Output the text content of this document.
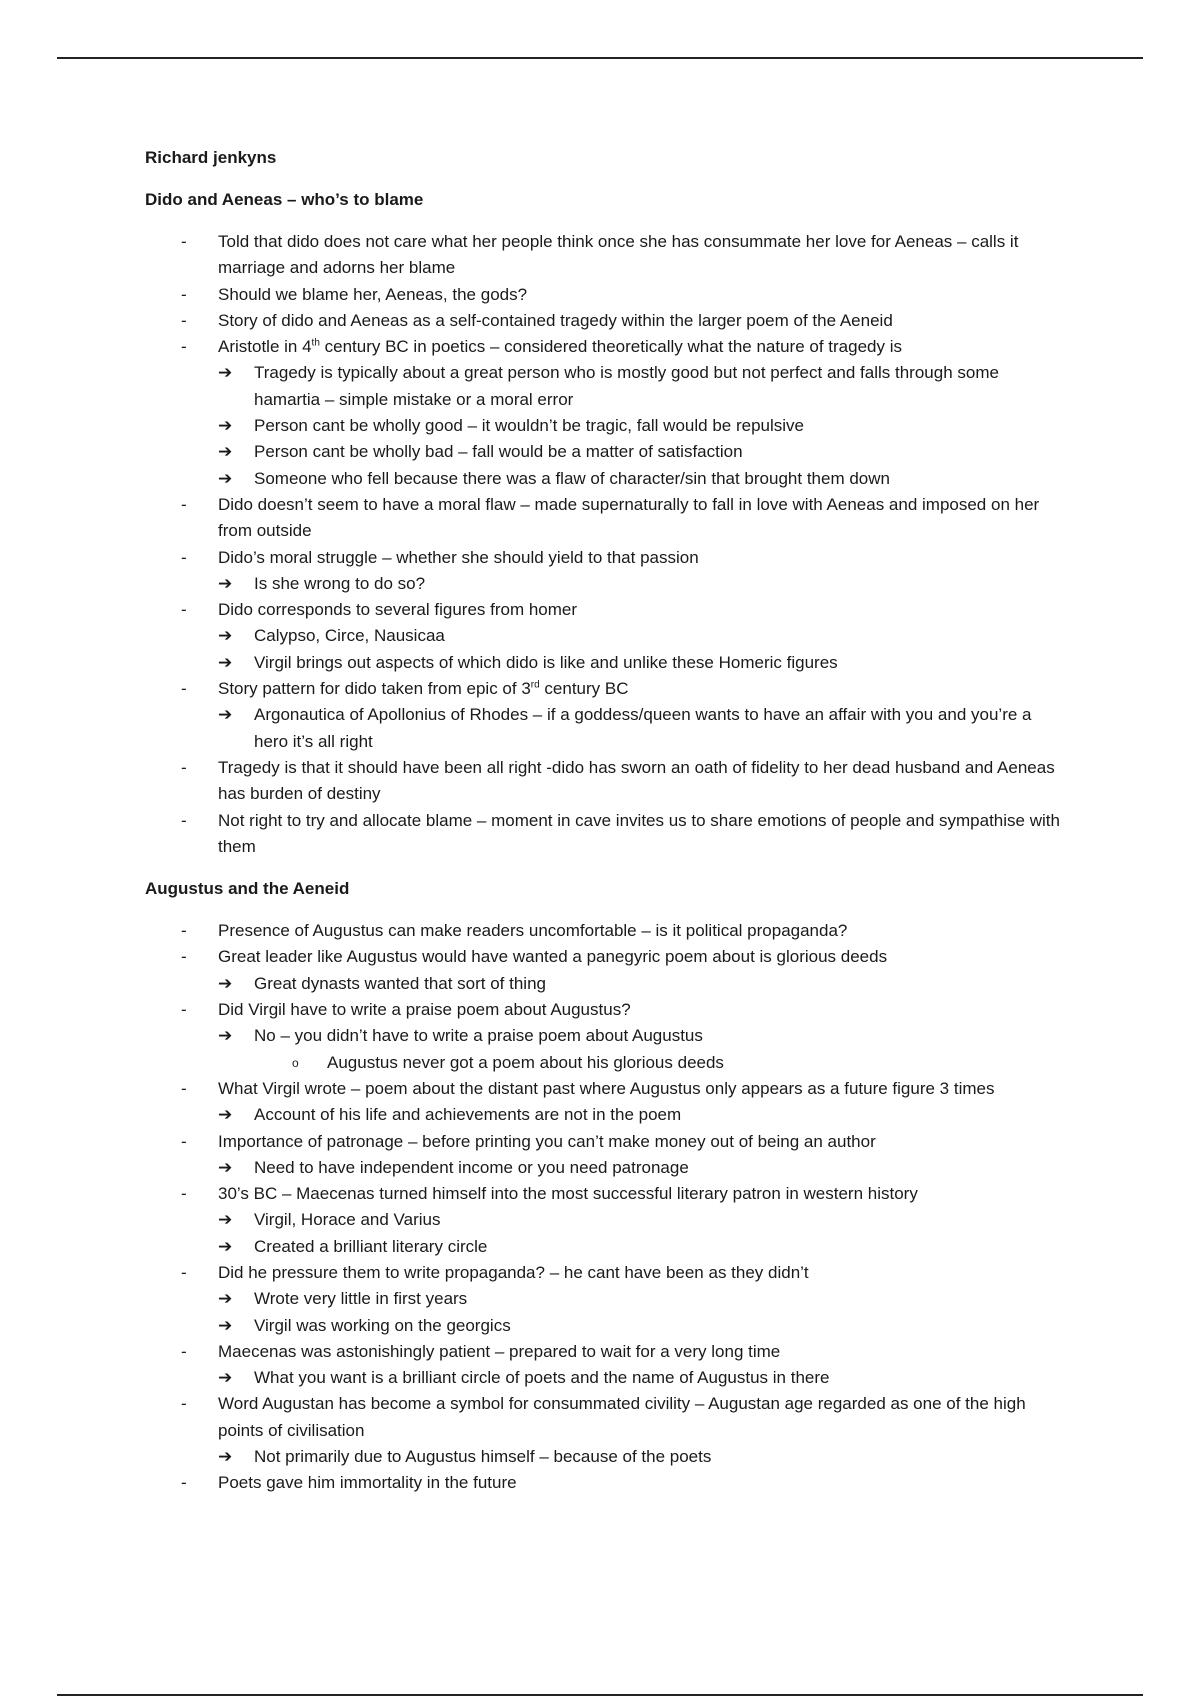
Richard jenkyns

Dido and Aeneas – who’s to blame

- Told that dido does not care what her people think once she has consummate her love for Aeneas – calls it marriage and adorns her blame
- Should we blame her, Aeneas, the gods?
- Story of dido and Aeneas as a self-contained tragedy within the larger poem of the Aeneid
- Aristotle in 4th century BC in poetics – considered theoretically what the nature of tragedy is
➔ Tragedy is typically about a great person who is mostly good but not perfect and falls through some hamartia – simple mistake or a moral error
➔ Person cant be wholly good – it wouldn’t be tragic, fall would be repulsive
➔ Person cant be wholly bad – fall would be a matter of satisfaction
➔ Someone who fell because there was a flaw of character/sin that brought them down
- Dido doesn’t seem to have a moral flaw – made supernaturally to fall in love with Aeneas and imposed on her from outside
- Dido’s moral struggle – whether she should yield to that passion
➔ Is she wrong to do so?
- Dido corresponds to several figures from homer
➔ Calypso, Circe, Nausicaa
➔ Virgil brings out aspects of which dido is like and unlike these Homeric figures
- Story pattern for dido taken from epic of 3rd century BC
➔ Argonautica of Apollonius of Rhodes – if a goddess/queen wants to have an affair with you and you’re a hero it’s all right
- Tragedy is that it should have been all right -dido has sworn an oath of fidelity to her dead husband and Aeneas has burden of destiny
- Not right to try and allocate blame – moment in cave invites us to share emotions of people and sympathise with them

Augustus and the Aeneid

- Presence of Augustus can make readers uncomfortable – is it political propaganda?
- Great leader like Augustus would have wanted a panegyric poem about is glorious deeds
➔ Great dynasts wanted that sort of thing
- Did Virgil have to write a praise poem about Augustus?
➔ No – you didn’t have to write a praise poem about Augustus
o Augustus never got a poem about his glorious deeds
- What Virgil wrote – poem about the distant past where Augustus only appears as a future figure 3 times
➔ Account of his life and achievements are not in the poem
- Importance of patronage – before printing you can’t make money out of being an author
➔ Need to have independent income or you need patronage
- 30’s BC – Maecenas turned himself into the most successful literary patron in western history
➔ Virgil, Horace and Varius
➔ Created a brilliant literary circle
- Did he pressure them to write propaganda? – he cant have been as they didn’t
➔ Wrote very little in first years
➔ Virgil was working on the georgics
- Maecenas was astonishingly patient – prepared to wait for a very long time
➔ What you want is a brilliant circle of poets and the name of Augustus in there
- Word Augustan has become a symbol for consummated civility – Augustan age regarded as one of the high points of civilisation
➔ Not primarily due to Augustus himself – because of the poets
- Poets gave him immortality in the future
